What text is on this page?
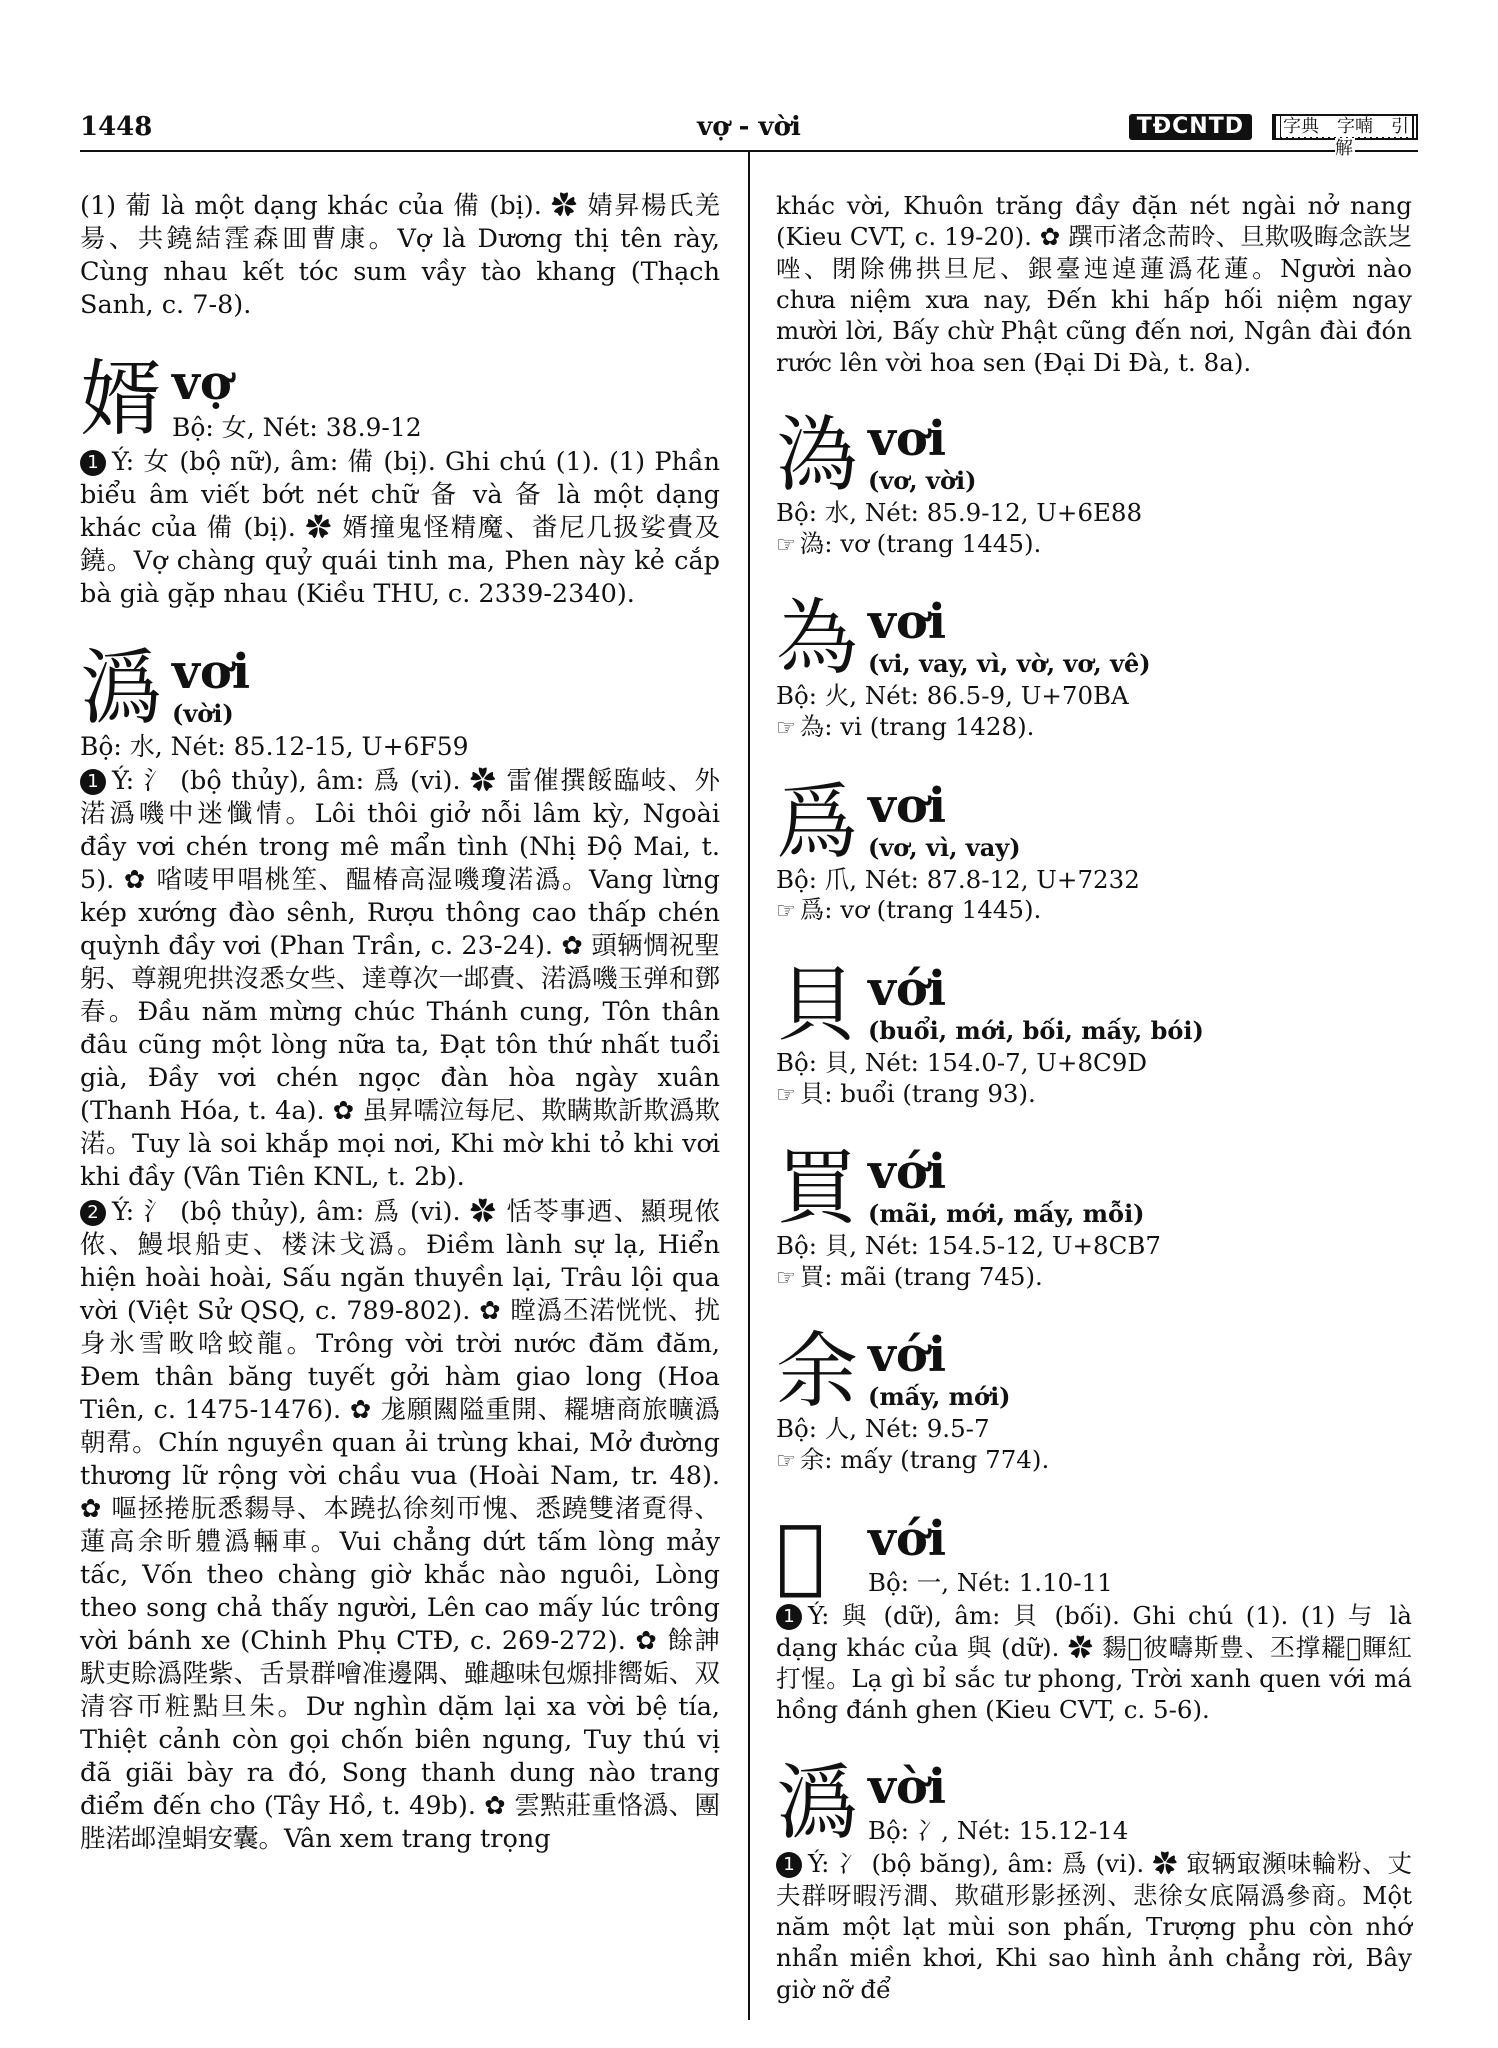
1448	vợ - vời	TĐCNTD	字典　字喃　引解
(1) 葡 là một dạng khác của 備 (bị). ✿ 婧昇楊氏羌昜、共鐃結霔森囬曹康。Vợ là Dương thị tên rày, Cùng nhau kết tóc sum vầy tào khang (Thạch Sanh, c. 7-8).
婿 vợ
Bộ: 女, Nét: 38.9-12
1 Ý: 女 (bộ nữ), âm: 備 (bị). Ghi chú (1). (1) Phần biểu âm viết bớt nét chữ 备 và 备 là một dạng khác của 備 (bị). ✿ 婿撞鬼怪精魔、畨尼几扱娑䝴及鐃。Vợ chàng quỷ quái tinh ma, Phen này kẻ cắp bà già gặp nhau (Kiều THU, c. 2339-2340).
潙 vơi
(vời)
Bộ: 水, Nét: 85.12-15, U+6F59
1 Ý: 氵 (bộ thủy), âm: 爲 (vi). ✿ 雷催撰餒臨岐、外渃潙嘰中迷懺情。Lôi thôi giở nỗi lâm kỳ, Ngoài đầy vơi chén trong mê mẩn tình (Nhị Độ Mai, t. 5). ✿ 㗂唛甲唱桃笙、醖椿高湿嘰瓊渃潙。Vang lừng kép xướng đào sênh, Rượu thông cao thấp chén quỳnh đầy vơi (Phan Trần, c. 23-24). ✿ 頭辆惆祝聖躬、尊親兜拱沒悉女些、達尊次一䢺䝴、渃潙嘰玉弹和鄧春。Đầu năm mừng chúc Thánh cung, Tôn thân đâu cũng một lòng nữa ta, Đạt tôn thứ nhất tuổi già, Đầy vơi chén ngọc đàn hòa ngày xuân (Thanh Hóa, t. 4a). ✿ 虽昇嚅泣每尼、欺瞒欺訢欺潙欺渃。Tuy là soi khắp mọi nơi, Khi mờ khi tỏ khi vơi khi đầy (Vân Tiên KNL, t. 2b).
2 Ý: 氵 (bộ thủy), âm: 爲 (vi). ✿ 恬苓事迺、顯現侬侬、鰻垠船吏、楼沫戈潙。Điềm lành sự lạ, Hiển hiện hoài hoài, Sấu ngăn thuyền lại, Trâu lội qua vời (Việt Sử QSQ, c. 789-802). ✿ 瞠潙丕渃恍恍、扰身氷雪畋唅蛟龍。Trông vời trời nước đăm đăm, Đem thân băng tuyết gởi hàm giao long (Hoa Tiên, c. 1475-1476). ✿ 尨願闗隘重開、䎱塘商旅曠潙朝帬。Chín nguyền quan ải trùng khai, Mở đường thương lữ rộng vời chầu vua (Hoài Nam, tr. 48). ✿ 嘔拯捲朊悉䵘㝵、本蹺払徐刻帀愧、悉蹺雙渚覔得、蓮高余昕軆潙輛車。Vui chẳng dứt tấm lòng mảy tấc, Vốn theo chàng giờ khắc nào nguôi, Lòng theo song chả thấy người, Lên cao mấy lúc trông vời bánh xe (Chinh Phụ CTĐ, c. 269-272). ✿ 餘訷䭾吏賒潙陛紫、舌景群噲准邊隅、雖趣味包㷧排嚮姤、双清容帀粧點旦朱。Dư nghìn dặm lại xa vời bệ tía, Thiệt cảnh còn gọi chốn biên ngung, Tuy thú vị đã giãi bày ra đó, Song thanh dung nào trang điểm đến cho (Tây Hồ, t. 49b). ✿ 雲㸃莊重恪潙、團䏶渃䢺湟蜎安囊。Vân xem trang trọng
khác vời, Khuôn trăng đầy đặn nét ngài nở nang (Kieu CVT, c. 19-20). ✿ 䠣帀渚念荋昤、旦欺吸晦念䛈㞫唑、閉除佛拱旦尼、銀臺迍逴蓮潙花蓮。Người nào chưa niệm xưa nay, Đến khi hấp hối niệm ngay mười lời, Bấy chừ Phật cũng đến nơi, Ngân đài đón rước lên vời hoa sen (Đại Di Đà, t. 8a).
溈 vơi
(vơ, vời)
Bộ: 水, Nét: 85.9-12, U+6E88
☞ 溈: vơ (trang 1445).
為 vơi
(vi, vay, vì, vờ, vơ, vê)
Bộ: 火, Nét: 86.5-9, U+70BA
☞ 為: vi (trang 1428).
爲 vơi
(vơ, vì, vay)
Bộ: 爪, Nét: 87.8-12, U+7232
☞ 爲: vơ (trang 1445).
貝 với
(buổi, mới, bối, mấy, bói)
Bộ: 貝, Nét: 154.0-7, U+8C9D
☞ 貝: buổi (trang 93).
買 với
(mãi, mới, mấy, mỗi)
Bộ: 貝, Nét: 154.5-12, U+8CB7
☞ 買: mãi (trang 745).
余 với
(mấy, mới)
Bộ: 人, Nét: 9.5-7
☞ 余: mấy (trang 774).
𢀨 với
Bộ: 一, Nét: 1.10-11
1 Ý: 與 (dữ), âm: 貝 (bối). Ghi chú (1). (1) 与 là dạng khác của 與 (dữ). ✿ 䵘𣌋彼疇斯豊、丕撑䎱𢀨賱紅打惺。Lạ gì bỉ sắc tư phong, Trời xanh quen với má hồng đánh ghen (Kieu CVT, c. 5-6).
潙 vời
Bộ: 冫, Nét: 15.12-14
1 Ý: 冫 (bộ băng), âm: 爲 (vi). ✿ 㝡辆㝡瀕味輪粉、丈夫群呀暇汚澗、欺䃊形影拯洌、悲徐女底隔潙參商。Một năm một lạt mùi son phấn, Trượng phu còn nhớ nhẩn miền khơi, Khi sao hình ảnh chẳng rời, Bây giờ nỡ để
